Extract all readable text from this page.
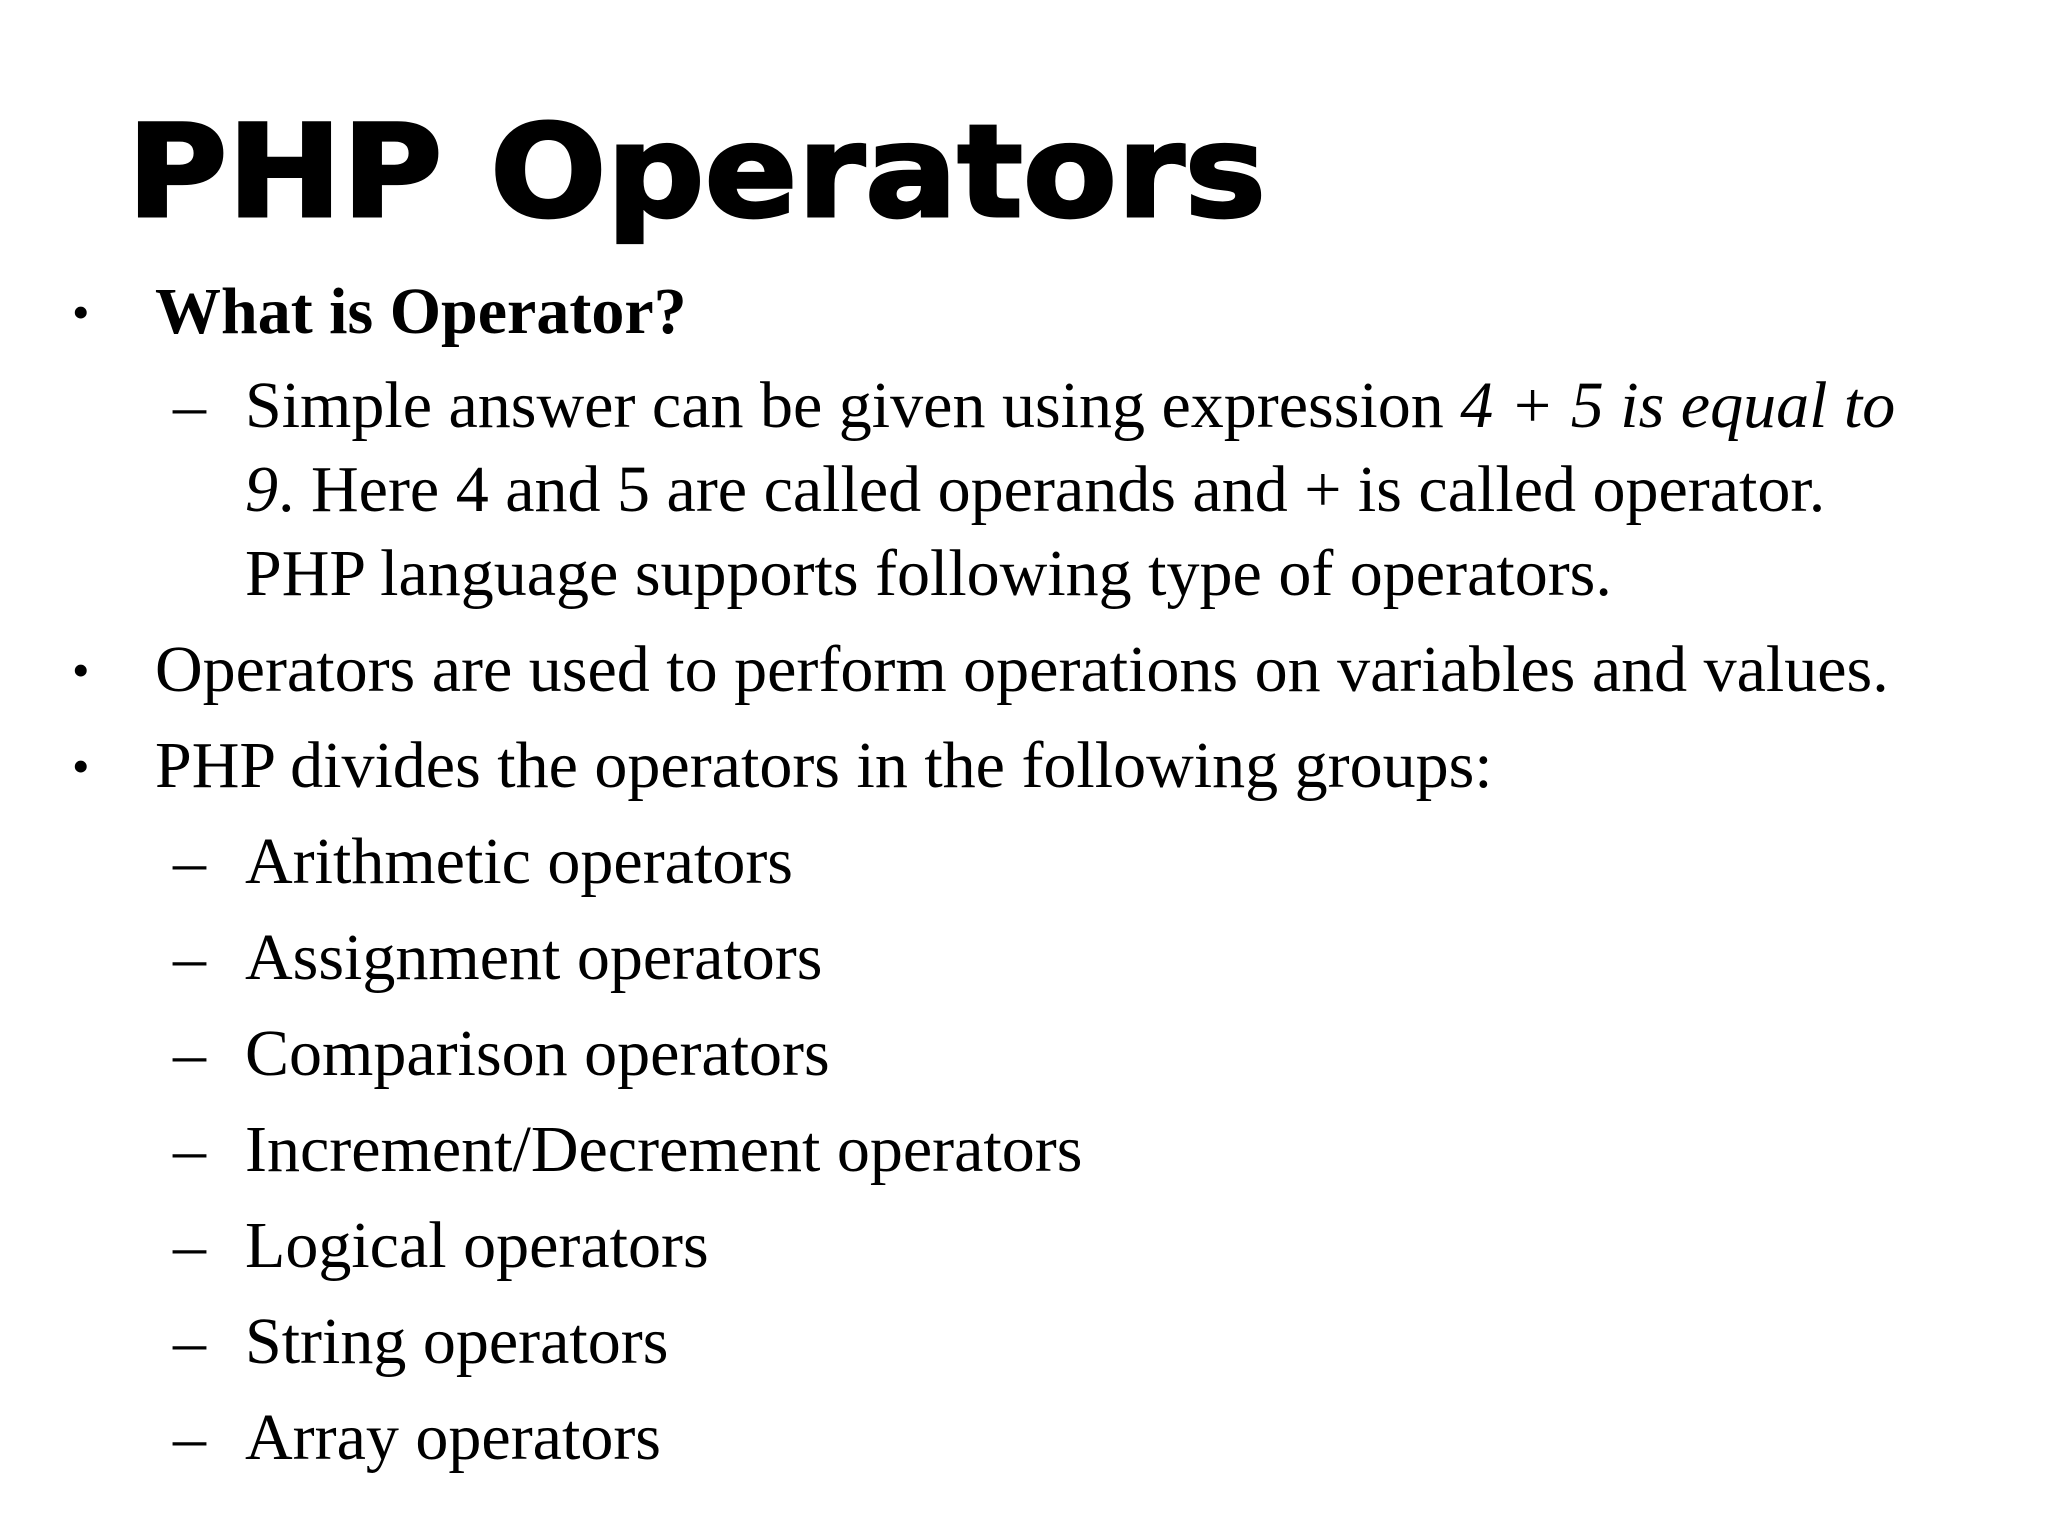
PHP Operators
• What is Operator?
– Simple answer can be given using expression 4 + 5 is equal to
9. Here 4 and 5 are called operands and + is called operator.
PHP language supports following type of operators.
• Operators are used to perform operations on variables and values.
• PHP divides the operators in the following groups:
– Arithmetic operators
– Assignment operators
– Comparison operators
– Increment/Decrement operators
– Logical operators
– String operators
– Array operators
